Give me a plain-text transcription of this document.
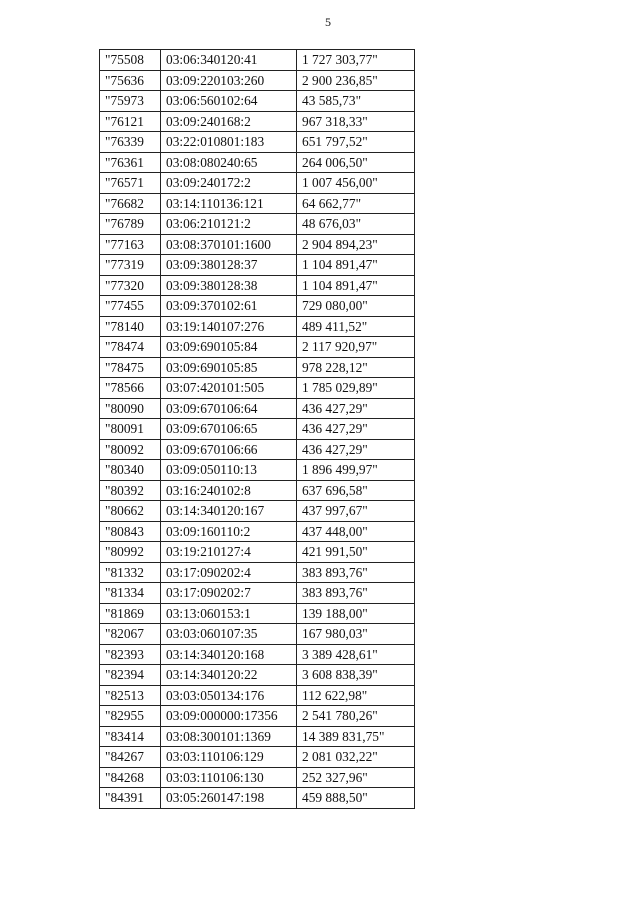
5
"75508	03:06:340120:41	1 727 303,77"
"75636	03:09:220103:260	2 900 236,85"
"75973	03:06:560102:64	43 585,73"
"76121	03:09:240168:2	967 318,33"
"76339	03:22:010801:183	651 797,52"
"76361	03:08:080240:65	264 006,50"
"76571	03:09:240172:2	1 007 456,00"
"76682	03:14:110136:121	64 662,77"
"76789	03:06:210121:2	48 676,03"
"77163	03:08:370101:1600	2 904 894,23"
"77319	03:09:380128:37	1 104 891,47"
"77320	03:09:380128:38	1 104 891,47"
"77455	03:09:370102:61	729 080,00"
"78140	03:19:140107:276	489 411,52"
"78474	03:09:690105:84	2 117 920,97"
"78475	03:09:690105:85	978 228,12"
"78566	03:07:420101:505	1 785 029,89"
"80090	03:09:670106:64	436 427,29"
"80091	03:09:670106:65	436 427,29"
"80092	03:09:670106:66	436 427,29"
"80340	03:09:050110:13	1 896 499,97"
"80392	03:16:240102:8	637 696,58"
"80662	03:14:340120:167	437 997,67"
"80843	03:09:160110:2	437 448,00"
"80992	03:19:210127:4	421 991,50"
"81332	03:17:090202:4	383 893,76"
"81334	03:17:090202:7	383 893,76"
"81869	03:13:060153:1	139 188,00"
"82067	03:03:060107:35	167 980,03"
"82393	03:14:340120:168	3 389 428,61"
"82394	03:14:340120:22	3 608 838,39"
"82513	03:03:050134:176	112 622,98"
"82955	03:09:000000:17356	2 541 780,26"
"83414	03:08:300101:1369	14 389 831,75"
"84267	03:03:110106:129	2 081 032,22"
"84268	03:03:110106:130	252 327,96"
"84391	03:05:260147:198	459 888,50"
